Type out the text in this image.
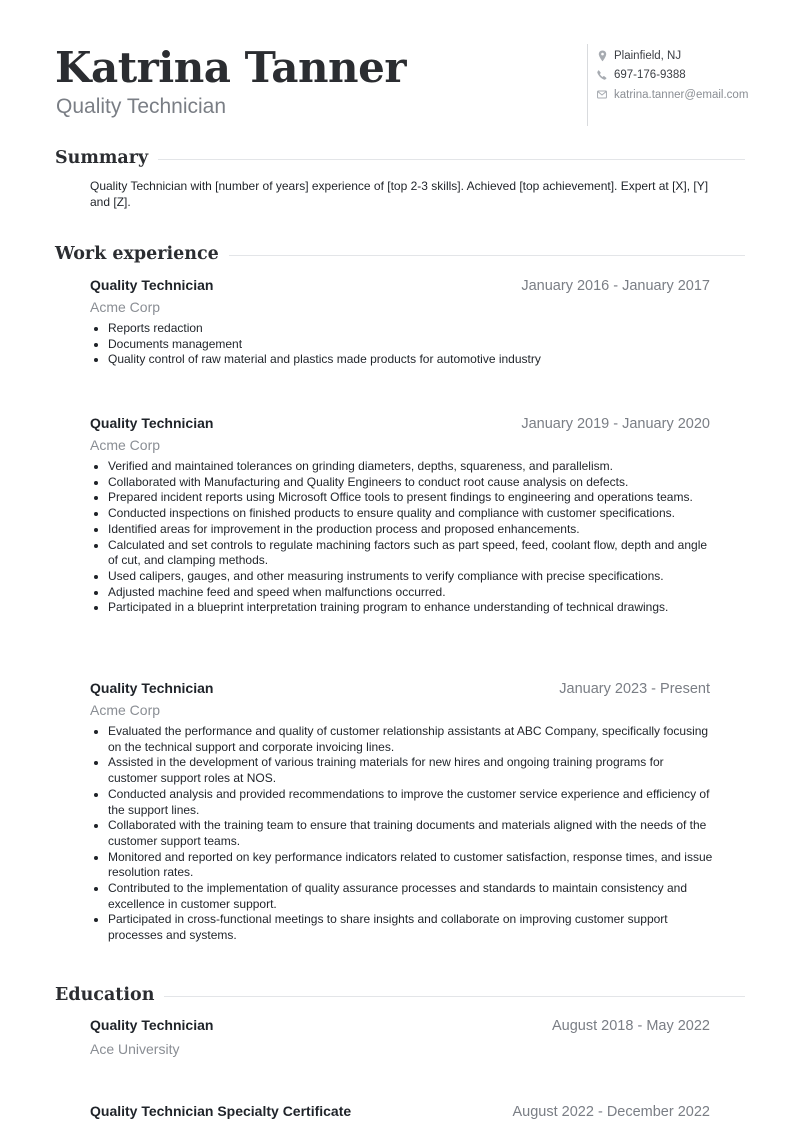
Katrina Tanner
Quality Technician
Plainfield, NJ
697-176-9388
katrina.tanner@email.com
Summary
Quality Technician with [number of years] experience of [top 2-3 skills]. Achieved [top achievement]. Expert at [X], [Y] and [Z].
Work experience
Quality Technician	January 2016 - January 2017
Acme Corp
Reports redaction
Documents management
Quality control of raw material and plastics made products for automotive industry
Quality Technician	January 2019 - January 2020
Acme Corp
Verified and maintained tolerances on grinding diameters, depths, squareness, and parallelism.
Collaborated with Manufacturing and Quality Engineers to conduct root cause analysis on defects.
Prepared incident reports using Microsoft Office tools to present findings to engineering and operations teams.
Conducted inspections on finished products to ensure quality and compliance with customer specifications.
Identified areas for improvement in the production process and proposed enhancements.
Calculated and set controls to regulate machining factors such as part speed, feed, coolant flow, depth and angle of cut, and clamping methods.
Used calipers, gauges, and other measuring instruments to verify compliance with precise specifications.
Adjusted machine feed and speed when malfunctions occurred.
Participated in a blueprint interpretation training program to enhance understanding of technical drawings.
Quality Technician	January 2023 - Present
Acme Corp
Evaluated the performance and quality of customer relationship assistants at ABC Company, specifically focusing on the technical support and corporate invoicing lines.
Assisted in the development of various training materials for new hires and ongoing training programs for customer support roles at NOS.
Conducted analysis and provided recommendations to improve the customer service experience and efficiency of the support lines.
Collaborated with the training team to ensure that training documents and materials aligned with the needs of the customer support teams.
Monitored and reported on key performance indicators related to customer satisfaction, response times, and issue resolution rates.
Contributed to the implementation of quality assurance processes and standards to maintain consistency and excellence in customer support.
Participated in cross-functional meetings to share insights and collaborate on improving customer support processes and systems.
Education
Quality Technician	August 2018 - May 2022
Ace University
Quality Technician Specialty Certificate	August 2022 - December 2022
